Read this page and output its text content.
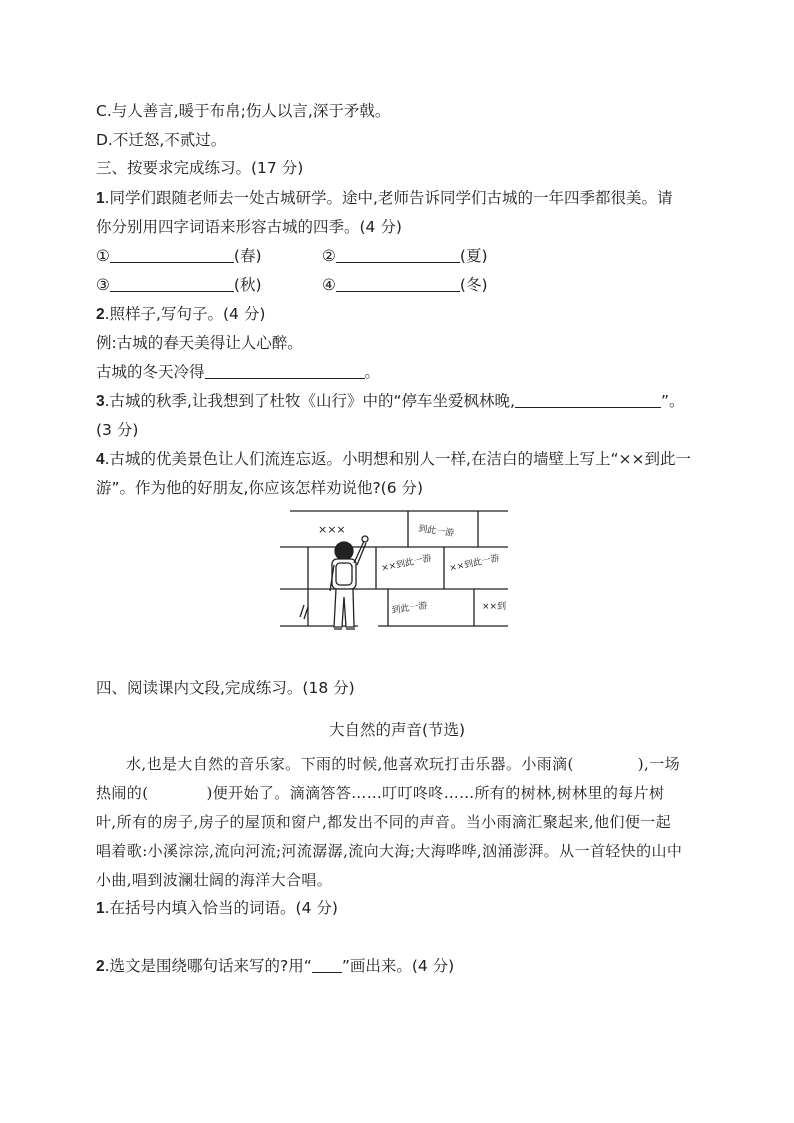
C.与人善言,暖于布帛;伤人以言,深于矛戟。
D.不迁怒,不贰过。
三、按要求完成练习。(17 分)
1.同学们跟随老师去一处古城研学。途中,老师告诉同学们古城的一年四季都很美。请
你分别用四字词语来形容古城的四季。(4 分)
①	(春)	②	(夏)
③	(秋)	④	(冬)
2.照样子,写句子。(4 分)
例:古城的春天美得让人心醉。
古城的冬天冷得	。
3.古城的秋季,让我想到了杜牧《山行》中的“停车坐爱枫林晚,	”。
(3 分)
4.古城的优美景色让人们流连忘返。小明想和别人一样,在洁白的墙壁上写上“××到此一
游”。作为他的好朋友,你应该怎样劝说他?(6 分)
×××	到此一游
××到此一游 ××到此一游
到此一游	××到
四、阅读课内文段,完成练习。(18 分)
大自然的声音(节选)

水,也是大自然的音乐家。下雨的时候,他喜欢玩打击乐器。小雨滴(	),一场

热闹的(	)便开始了。滴滴答答……叮叮咚咚……所有的树林,树林里的每片树

叶,所有的房子,房子的屋顶和窗户,都发出不同的声音。当小雨滴汇聚起来,他们便一起

唱着歌:小溪淙淙,流向河流;河流潺潺,流向大海;大海哗哗,汹涌澎湃。从一首轻快的山中

小曲,唱到波澜壮阔的海洋大合唱。

1.在括号内填入恰当的词语。(4 分)
2.选文是围绕哪句话来写的?用“ ”画出来。(4 分)
